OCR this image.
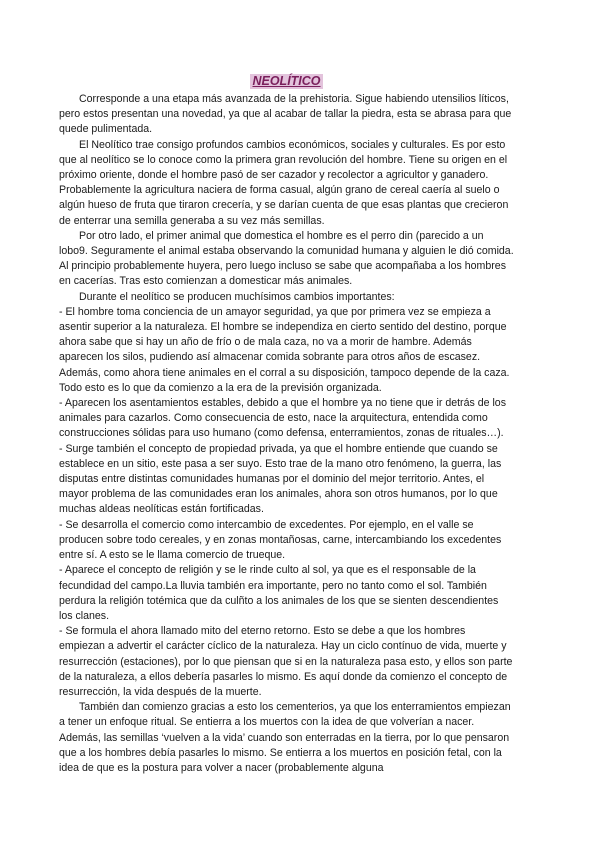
NEOLÍTICO

Corresponde a una etapa más avanzada de la prehistoria. Sigue habiendo utensilios líticos, pero estos presentan una novedad, ya que al acabar de tallar la piedra, esta se abrasa para que quede pulimentada.

El Neolítico trae consigo profundos cambios económicos, sociales y culturales. Es por esto que al neolítico se lo conoce como la primera gran revolución del hombre. Tiene su origen en el próximo oriente, donde el hombre pasó de ser cazador y recolector a agricultor y ganadero. Probablemente la agricultura naciera de forma casual, algún grano de cereal caería al suelo o algún hueso de fruta que tiraron crecería, y se darían cuenta de que esas plantas que crecieron de enterrar una semilla generaba a su vez más semillas.

Por otro lado, el primer animal que domestica el hombre es el perro din (parecido a un lobo9. Seguramente el animal estaba observando la comunidad humana y alguien le dió comida. Al principio probablemente huyera, pero luego incluso se sabe que acompañaba a los hombres en cacerías. Tras esto comienzan a domesticar más animales.

Durante el neolítico se producen muchísimos cambios importantes:

- El hombre toma conciencia de un amayor seguridad, ya que por primera vez se empieza a asentir superior a la naturaleza. El hombre se independiza en cierto sentido del destino, porque ahora sabe que si hay un año de frío o de mala caza, no va a morir de hambre. Además aparecen los silos, pudiendo así almacenar comida sobrante para otros años de escasez. Además, como ahora tiene animales en el corral a su disposición, tampoco depende de la caza. Todo esto es lo que da comienzo a la era de la previsión organizada.

- Aparecen los asentamientos estables, debido a que el hombre ya no tiene que ir detrás de los animales para cazarlos. Como consecuencia de esto, nace la arquitectura, entendida como construcciones sólidas para uso humano (como defensa, enterramientos, zonas de rituales…).

- Surge también el concepto de propiedad privada, ya que el hombre entiende que cuando se establece en un sitio, este pasa a ser suyo. Esto trae de la mano otro fenómeno, la guerra, las disputas entre distintas comunidades humanas por el dominio del mejor territorio. Antes, el mayor problema de las comunidades eran los animales, ahora son otros humanos, por lo que muchas aldeas neolíticas están fortificadas.

- Se desarrolla el comercio como intercambio de excedentes. Por ejemplo, en el valle se producen sobre todo cereales, y en zonas montañosas, carne, intercambiando los excedentes entre sí. A esto se le llama comercio de trueque.

- Aparece el concepto de religión y se le rinde culto al sol, ya que es el responsable de la fecundidad del campo.La lluvia también era importante, pero no tanto como el sol. También perdura la religión totémica que da culñto a los animales de los que se sienten descendientes los clanes.

- Se formula el ahora llamado mito del eterno retorno. Esto se debe a que los hombres empiezan a advertir el carácter cíclico de la naturaleza. Hay un ciclo contínuo de vida, muerte y resurrección (estaciones), por lo que piensan que si en la naturaleza pasa esto, y ellos son parte de la naturaleza, a ellos debería pasarles lo mismo. Es aquí donde da comienzo el concepto de resurrección, la vida después de la muerte.

También dan comienzo gracias a esto los cementerios, ya que los enterramientos empiezan a tener un enfoque ritual. Se entierra a los muertos con la idea de que volverían a nacer. Además, las semillas ‘vuelven a la vida’ cuando son enterradas en la tierra, por lo que pensaron que a los hombres debía pasarles lo mismo. Se entierra a los muertos en posición fetal, con la idea de que es la postura para volver a nacer (probablemente alguna
